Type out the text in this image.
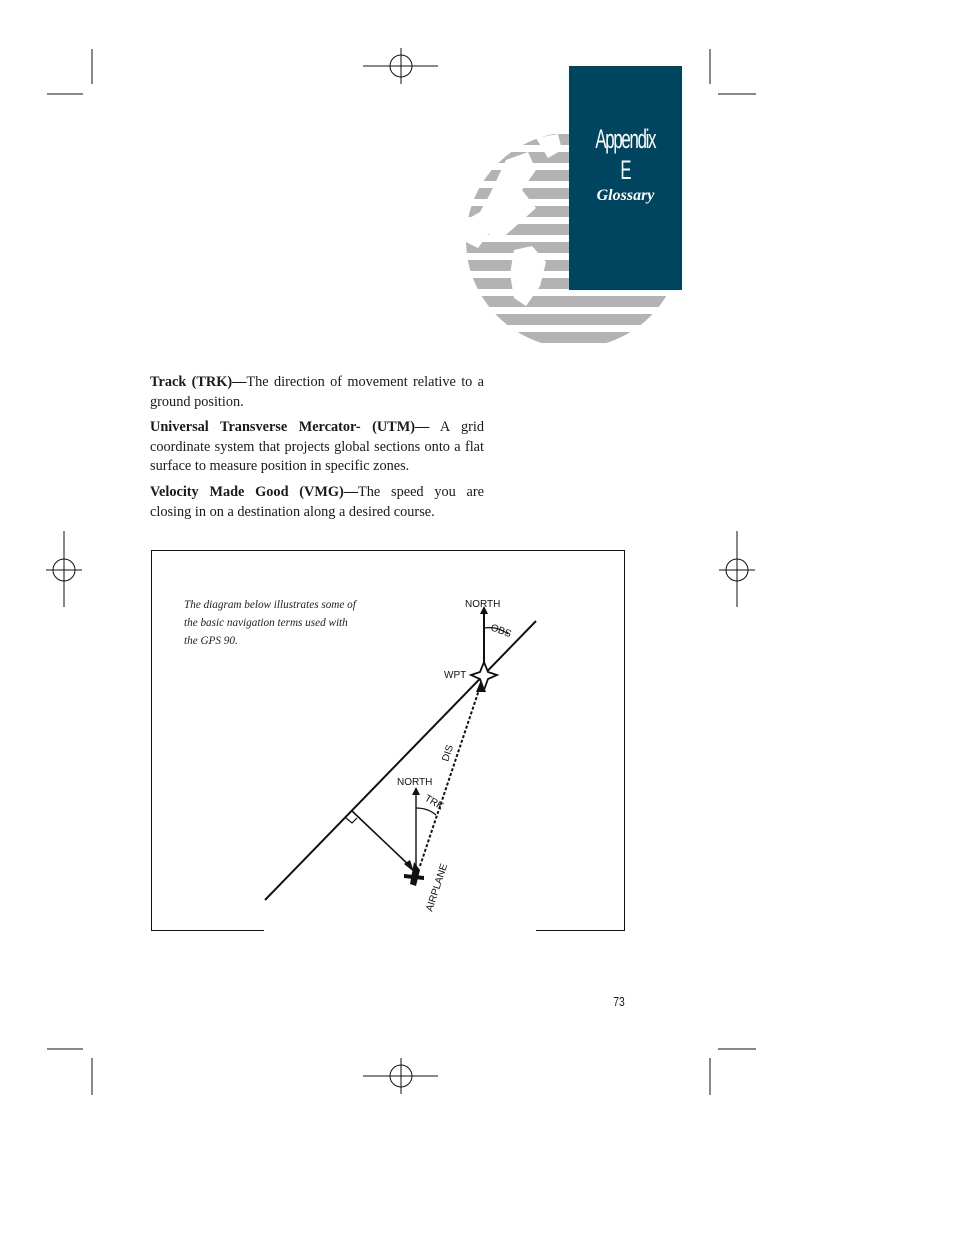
Appendix E
Glossary

Track (TRK)—The direction of movement relative to a ground position.

Universal Transverse Mercator- (UTM)— A grid coordinate system that projects global sections onto a flat surface to measure position in specific zones.

Velocity Made Good (VMG)—The speed you are closing in on a destination along a desired course.

The diagram below illustrates some of the basic navigation terms used with the GPS 90.
NORTH
OBS
WPT
DIS
NORTH
TRK
AIRPLANE
73
